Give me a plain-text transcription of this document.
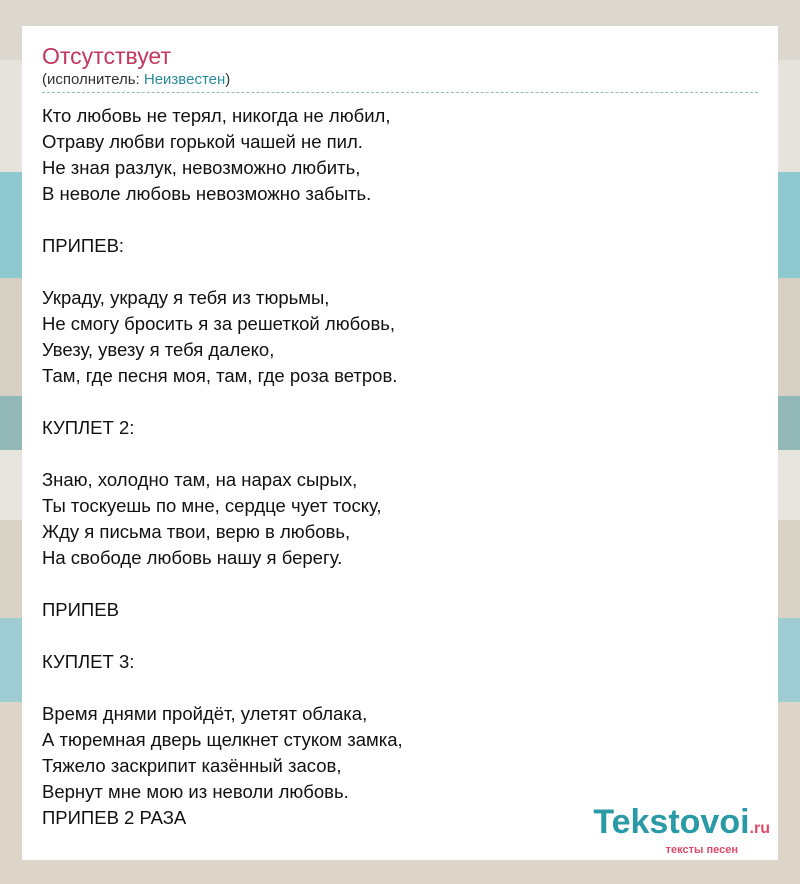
Отсутствует
(исполнитель: Неизвестен)
Кто любовь не терял, никогда не любил,
Отраву любви горькой чашей не пил.
Не зная разлук, невозможно любить,
В неволе любовь невозможно забыть.
ПРИПЕВ:
Украду, украду я тебя из тюрьмы,
Не смогу бросить я за решеткой любовь,
Увезу, увезу я тебя далеко,
Там, где песня моя, там, где роза ветров.
КУПЛЕТ 2:
Знаю, холодно там, на нарах сырых,
Ты тоскуешь по мне, сердце чует тоску,
Жду я письма твои, верю в любовь,
На свободе любовь нашу я берегу.
ПРИПЕВ
КУПЛЕТ 3:
Время днями пройдёт, улетят облака,
А тюремная дверь щелкнет стуком замка,
Тяжело заскрипит казённый засов,
Вернут мне мою из неволи любовь.
ПРИПЕВ 2 РАЗА	Tekstovoi.ru
тексты песен
